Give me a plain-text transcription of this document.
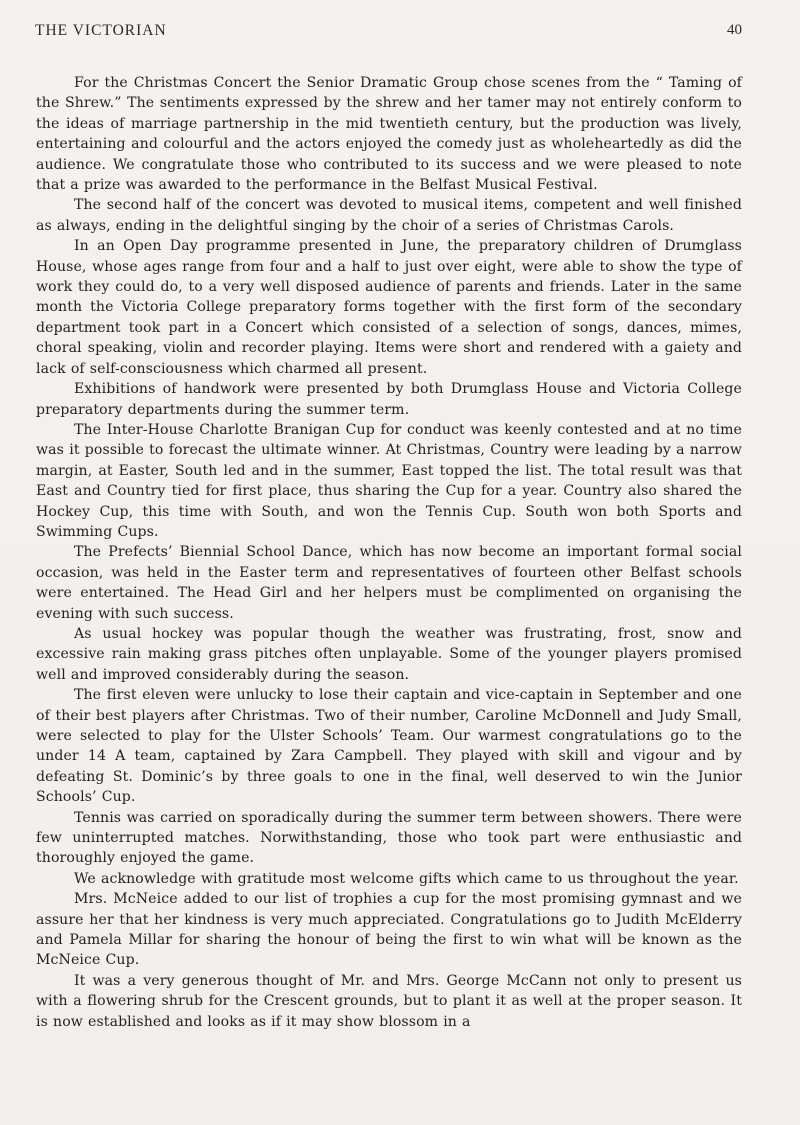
THE VICTORIAN	40

For the Christmas Concert the Senior Dramatic Group chose scenes from the “ Taming of the Shrew.” The sentiments expressed by the shrew and her tamer may not entirely conform to the ideas of marriage partnership in the mid twentieth century, but the production was lively, entertaining and colourful and the actors enjoyed the comedy just as wholeheartedly as did the audience. We congratulate those who contributed to its success and we were pleased to note that a prize was awarded to the performance in the Belfast Musical Festival.

The second half of the concert was devoted to musical items, competent and well finished as always, ending in the delightful singing by the choir of a series of Christmas Carols.

In an Open Day programme presented in June, the preparatory children of Drumglass House, whose ages range from four and a half to just over eight, were able to show the type of work they could do, to a very well disposed audience of parents and friends. Later in the same month the Victoria College preparatory forms together with the first form of the secondary department took part in a Concert which consisted of a selection of songs, dances, mimes, choral speaking, violin and recorder playing. Items were short and rendered with a gaiety and lack of self-consciousness which charmed all present.

Exhibitions of handwork were presented by both Drumglass House and Victoria College preparatory departments during the summer term.

The Inter-House Charlotte Branigan Cup for conduct was keenly contested and at no time was it possible to forecast the ultimate winner. At Christmas, Country were leading by a narrow margin, at Easter, South led and in the summer, East topped the list. The total result was that East and Country tied for first place, thus sharing the Cup for a year. Country also shared the Hockey Cup, this time with South, and won the Tennis Cup. South won both Sports and Swimming Cups.

The Prefects’ Biennial School Dance, which has now become an important formal social occasion, was held in the Easter term and representatives of fourteen other Belfast schools were entertained. The Head Girl and her helpers must be complimented on organising the evening with such success.

As usual hockey was popular though the weather was frustrating, frost, snow and excessive rain making grass pitches often unplayable. Some of the younger players promised well and improved considerably during the season.

The first eleven were unlucky to lose their captain and vice-captain in September and one of their best players after Christmas. Two of their number, Caroline McDonnell and Judy Small, were selected to play for the Ulster Schools’ Team. Our warmest congratulations go to the under 14 A team, captained by Zara Campbell. They played with skill and vigour and by defeating St. Dominic’s by three goals to one in the final, well deserved to win the Junior Schools’ Cup.

Tennis was carried on sporadically during the summer term between showers. There were few uninterrupted matches. Norwithstanding, those who took part were enthusiastic and thoroughly enjoyed the game.

We acknowledge with gratitude most welcome gifts which came to us throughout the year.

Mrs. McNeice added to our list of trophies a cup for the most promising gymnast and we assure her that her kindness is very much appreciated. Congratulations go to Judith McElderry and Pamela Millar for sharing the honour of being the first to win what will be known as the McNeice Cup.

It was a very generous thought of Mr. and Mrs. George McCann not only to present us with a flowering shrub for the Crescent grounds, but to plant it as well at the proper season. It is now established and looks as if it may show blossom in a
